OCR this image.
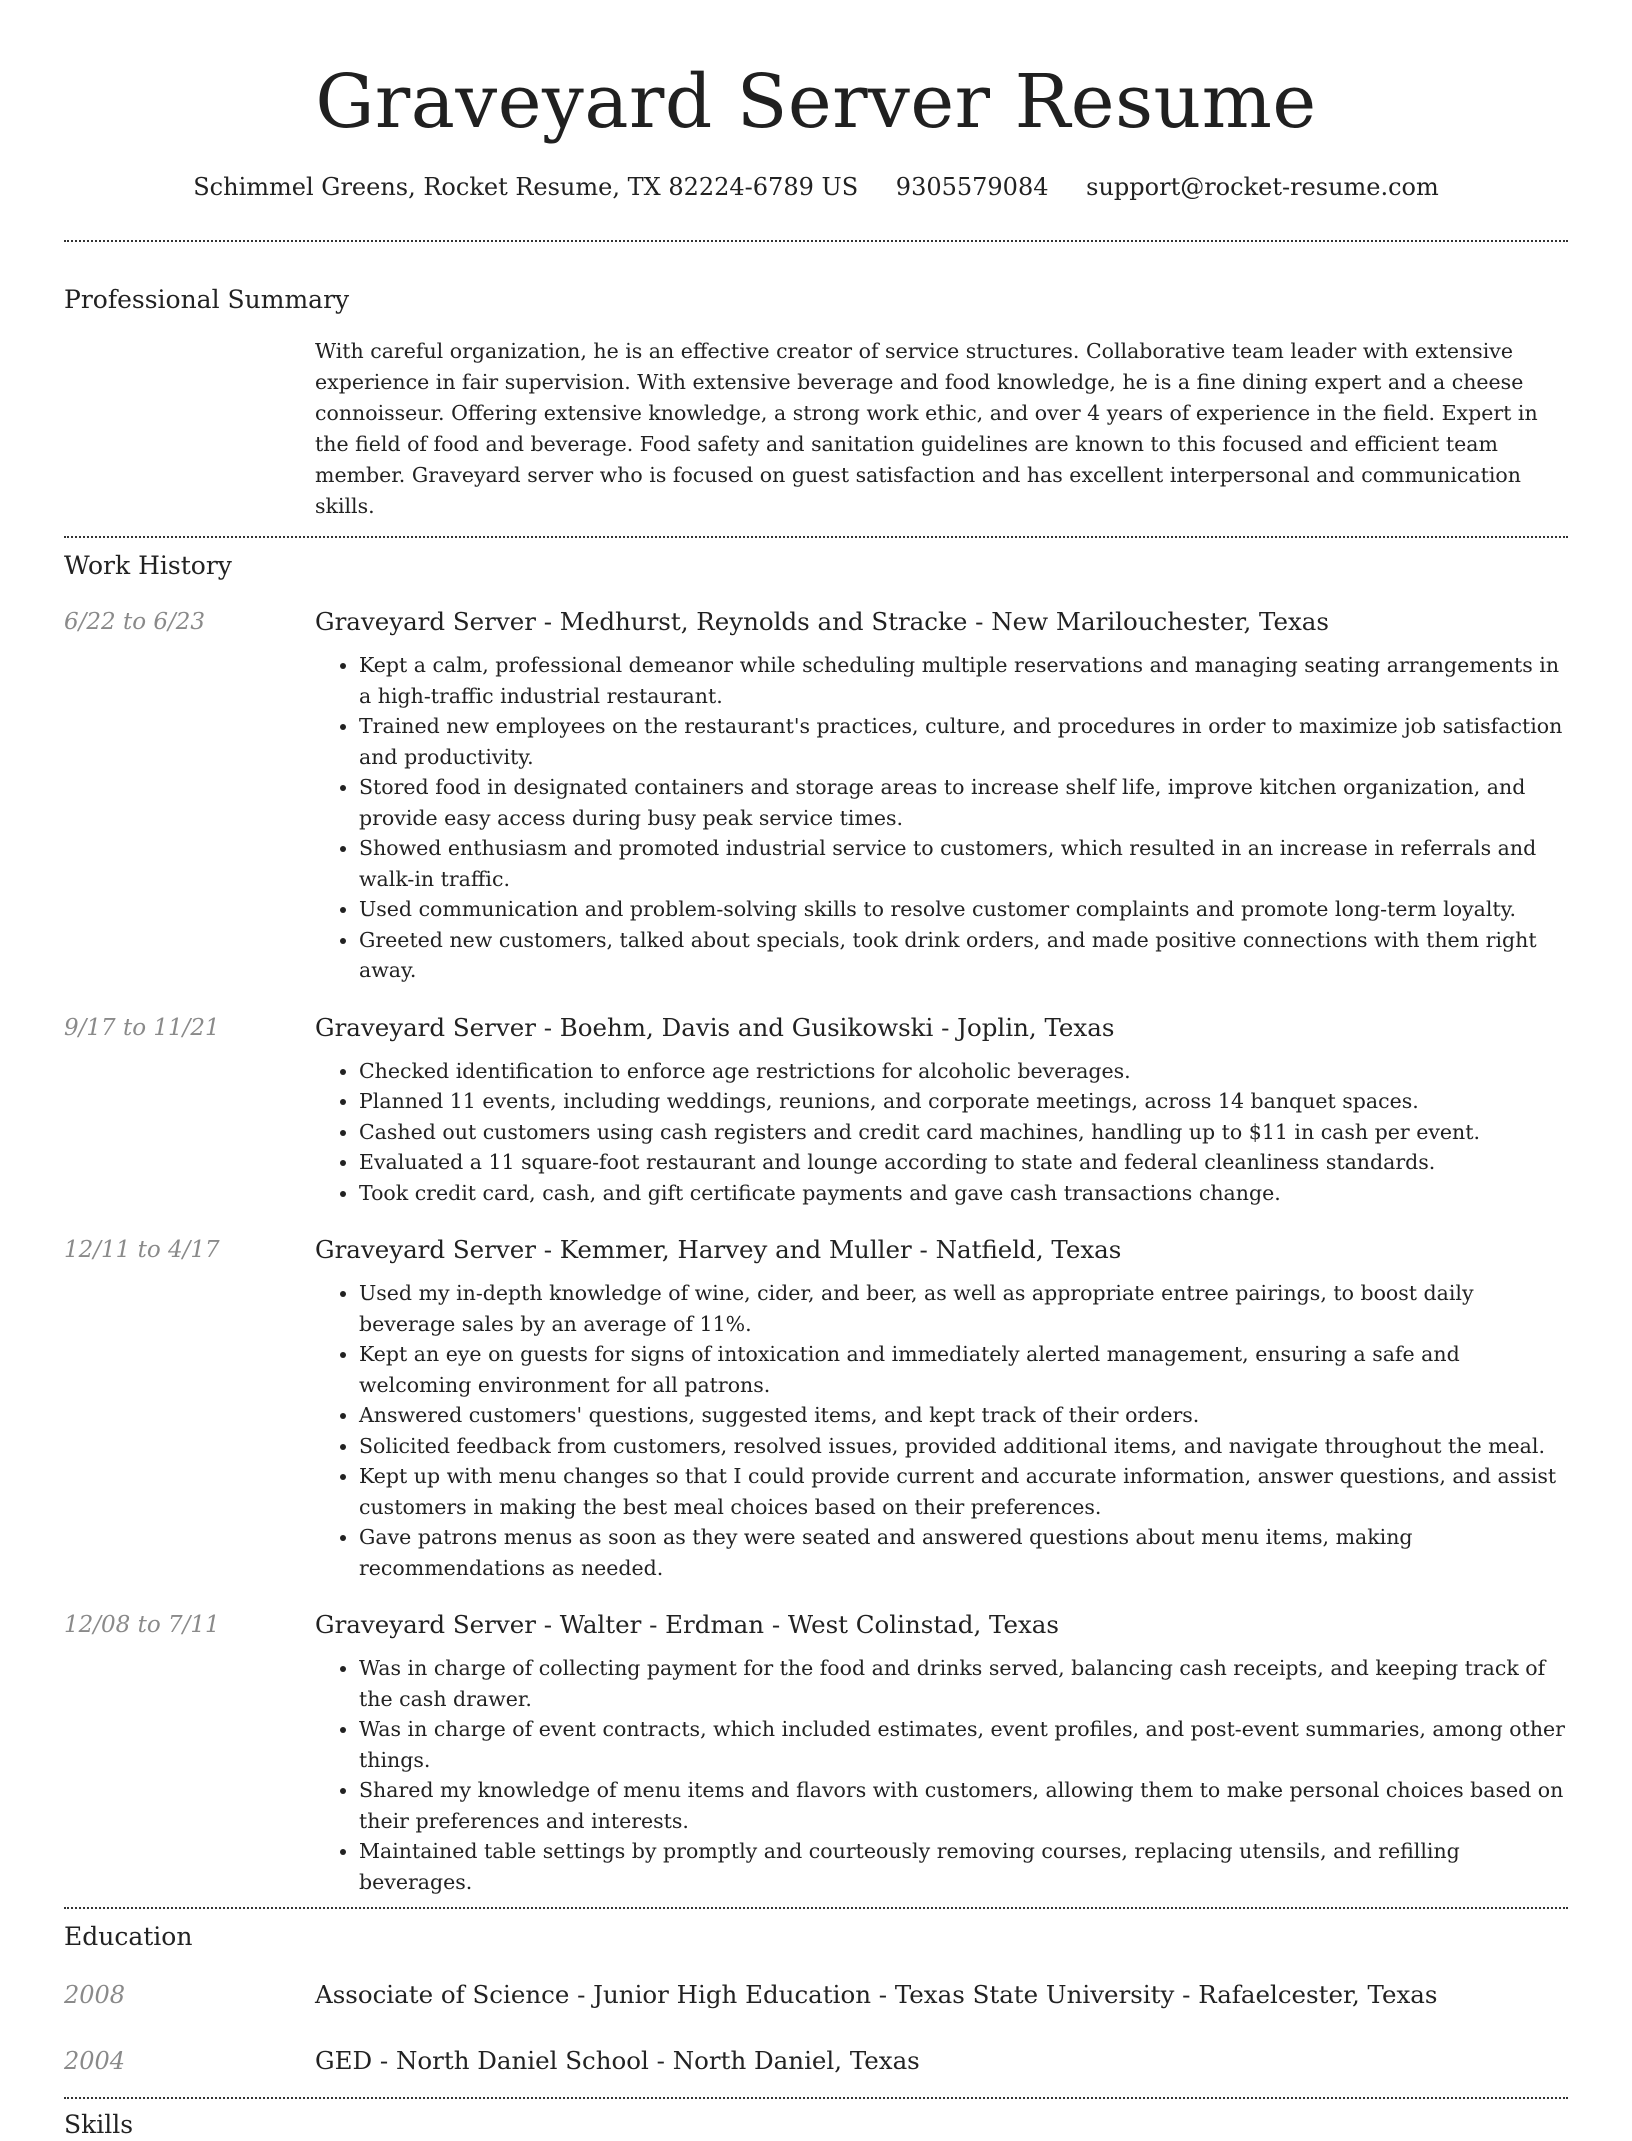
Graveyard Server Resume
Schimmel Greens, Rocket Resume, TX 82224-6789 US 9305579084 support@rocket-resume.com
Professional Summary
With careful organization, he is an effective creator of service structures. Collaborative team leader with extensive experience in fair supervision. With extensive beverage and food knowledge, he is a fine dining expert and a cheese connoisseur. Offering extensive knowledge, a strong work ethic, and over 4 years of experience in the field. Expert in the field of food and beverage. Food safety and sanitation guidelines are known to this focused and efficient team member. Graveyard server who is focused on guest satisfaction and has excellent interpersonal and communication skills.
Work History
6/22 to 6/23	Graveyard Server - Medhurst, Reynolds and Stracke - New Marilouchester, Texas
• Kept a calm, professional demeanor while scheduling multiple reservations and managing seating arrangements in a high-traffic industrial restaurant.
• Trained new employees on the restaurant's practices, culture, and procedures in order to maximize job satisfaction and productivity.
• Stored food in designated containers and storage areas to increase shelf life, improve kitchen organization, and provide easy access during busy peak service times.
• Showed enthusiasm and promoted industrial service to customers, which resulted in an increase in referrals and walk-in traffic.
• Used communication and problem-solving skills to resolve customer complaints and promote long-term loyalty.
• Greeted new customers, talked about specials, took drink orders, and made positive connections with them right away.
9/17 to 11/21	Graveyard Server - Boehm, Davis and Gusikowski - Joplin, Texas
• Checked identification to enforce age restrictions for alcoholic beverages.
• Planned 11 events, including weddings, reunions, and corporate meetings, across 14 banquet spaces.
• Cashed out customers using cash registers and credit card machines, handling up to $11 in cash per event.
• Evaluated a 11 square-foot restaurant and lounge according to state and federal cleanliness standards.
• Took credit card, cash, and gift certificate payments and gave cash transactions change.
12/11 to 4/17	Graveyard Server - Kemmer, Harvey and Muller - Natfield, Texas
• Used my in-depth knowledge of wine, cider, and beer, as well as appropriate entree pairings, to boost daily beverage sales by an average of 11%.
• Kept an eye on guests for signs of intoxication and immediately alerted management, ensuring a safe and welcoming environment for all patrons.
• Answered customers' questions, suggested items, and kept track of their orders.
• Solicited feedback from customers, resolved issues, provided additional items, and navigate throughout the meal.
• Kept up with menu changes so that I could provide current and accurate information, answer questions, and assist customers in making the best meal choices based on their preferences.
• Gave patrons menus as soon as they were seated and answered questions about menu items, making recommendations as needed.
12/08 to 7/11	Graveyard Server - Walter - Erdman - West Colinstad, Texas
• Was in charge of collecting payment for the food and drinks served, balancing cash receipts, and keeping track of the cash drawer.
• Was in charge of event contracts, which included estimates, event profiles, and post-event summaries, among other things.
• Shared my knowledge of menu items and flavors with customers, allowing them to make personal choices based on their preferences and interests.
• Maintained table settings by promptly and courteously removing courses, replacing utensils, and refilling beverages.
Education
2008	Associate of Science - Junior High Education - Texas State University - Rafaelcester, Texas
2004	GED - North Daniel School - North Daniel, Texas
Skills
